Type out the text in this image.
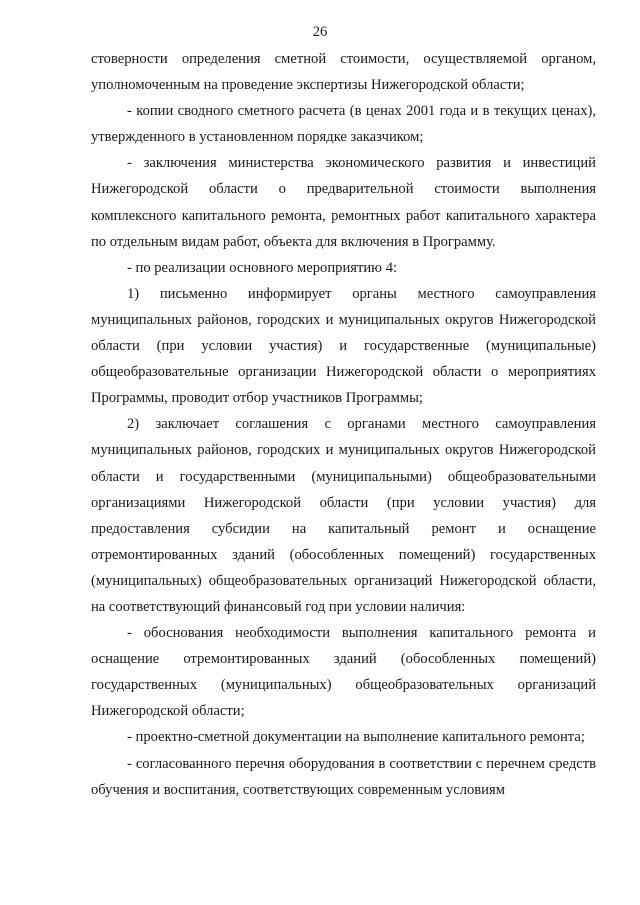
26

стоверности определения сметной стоимости, осуществляемой органом, уполномоченным на проведение экспертизы Нижегородской области;

- копии сводного сметного расчета (в ценах 2001 года и в текущих ценах), утвержденного в установленном порядке заказчиком;

- заключения министерства экономического развития и инвестиций Нижегородской области о предварительной стоимости выполнения комплексного капитального ремонта, ремонтных работ капитального характера по отдельным видам работ, объекта для включения в Программу.

- по реализации основного мероприятию 4:

1) письменно информирует органы местного самоуправления муниципальных районов, городских и муниципальных округов Нижегородской области (при условии участия) и государственные (муниципальные) общеобразовательные организации Нижегородской области о мероприятиях Программы, проводит отбор участников Программы;

2) заключает соглашения с органами местного самоуправления муниципальных районов, городских и муниципальных округов Нижегородской области и государственными (муниципальными) общеобразовательными организациями Нижегородской области (при условии участия) для предоставления субсидии на капитальный ремонт и оснащение отремонтированных зданий (обособленных помещений) государственных (муниципальных) общеобразовательных организаций Нижегородской области, на соответствующий финансовый год при условии наличия:

- обоснования необходимости выполнения капитального ремонта и оснащение отремонтированных зданий (обособленных помещений) государственных (муниципальных) общеобразовательных организаций Нижегородской области;

- проектно-сметной документации на выполнение капитального ремонта;

- согласованного перечня оборудования в соответствии с перечнем средств обучения и воспитания, соответствующих современным условиям
